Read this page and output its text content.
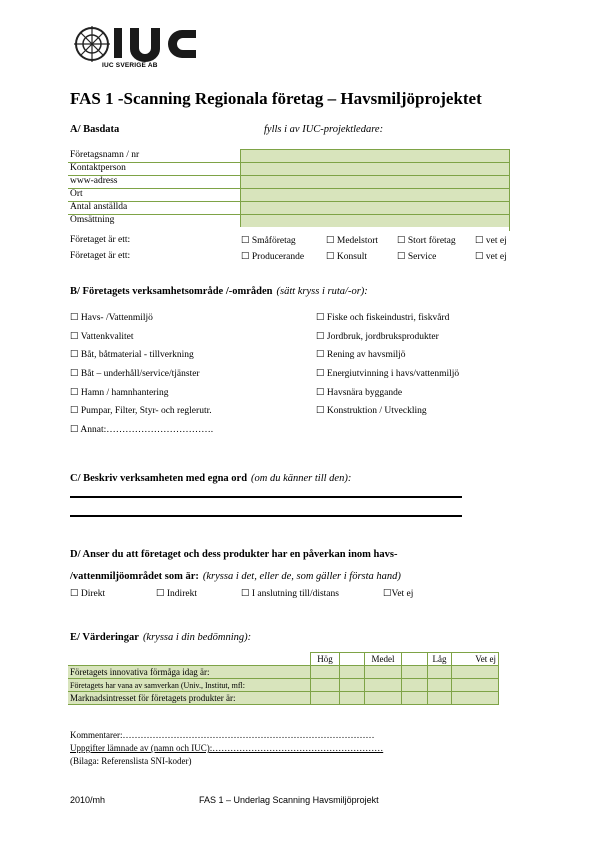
IUC SVERIGE AB
FAS 1 -Scanning Regionala företag – Havsmiljöprojektet
A/ Basdata	fylls i av IUC-projektledare:
Företagsnamn / nr
Kontaktperson
www-adress
Ort
Antal anställda
Omsättning
Företaget är ett:	☐ Småföretag	☐ Medelstort ☐ Stort företag ☐ vet ej
Företaget är ett:	☐ Producerande ☐ Konsult	☐ Service	☐ vet ej
B/ Företagets verksamhetsområde /-områden (sätt kryss i ruta/-or):
☐ Havs- /Vattenmiljö
☐ Vattenkvalitet
☐ Båt, båtmaterial - tillverkning
☐ Båt – underhåll/service/tjänster
☐ Hamn / hamnhantering
☐ Pumpar, Filter, Styr- och reglerutr.
☐ Annat:…………………………….
☐ Fiske och fiskeindustri, fiskvård
☐ Jordbruk, jordbruksprodukter
☐ Rening av havsmiljö
☐ Energiutvinning i havs/vattenmiljö
☐ Havsnära byggande
☐ Konstruktion / Utveckling
C/ Beskriv verksamheten med egna ord (om du känner till den):
D/ Anser du att företaget och dess produkter har en påverkan inom havs-
/vattenmiljöområdet som är: (kryssa i det, eller de, som gäller i första hand)
☐ Direkt	☐ Indirekt	☐ I anslutning till/distans	☐Vet ej
E/ Värderingar (kryssa i din bedömning):
	Hög		Medel		Låg	Vet ej
Företagets innovativa förmåga idag är:						
Företagets har vana av samverkan (Univ., Institut, mfl:						
Marknadsintresset för företagets produkter är:						
Kommentarer:…………………………………………………………………………
Uppgifter lämnade av (namn och IUC):…………………………………………………
(Bilaga: Referenslista SNI-koder)
2010/mh	FAS 1 – Underlag Scanning Havsmiljöprojekt
